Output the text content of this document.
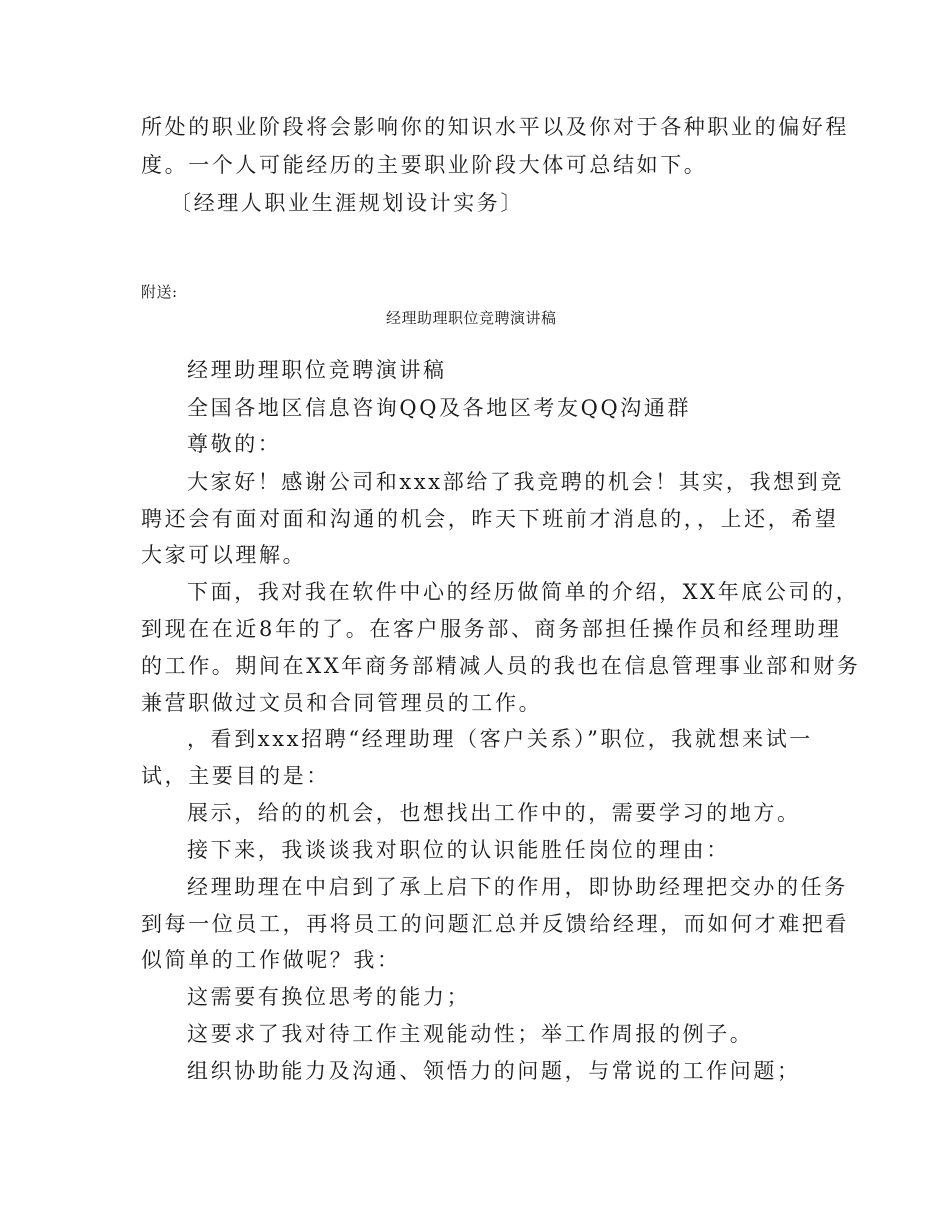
所处的职业阶段将会影响你的知识水平以及你对于各种职业的偏好程
度。一个人可能经历的主要职业阶段大体可总结如下。
〔经理人职业生涯规划设计实务〕
附送:
经理助理职位竞聘演讲稿
经理助理职位竞聘演讲稿
全国各地区信息咨询QQ及各地区考友QQ沟通群
尊敬的：
大家好！感谢公司和xxx部给了我竞聘的机会！其实，我想到竞
聘还会有面对面和沟通的机会，昨天下班前才消息的，，上还，希望
大家可以理解。
下面，我对我在软件中心的经历做简单的介绍，XX年底公司的，
到现在在近8年的了。在客户服务部、商务部担任操作员和经理助理
的工作。期间在XX年商务部精减人员的我也在信息管理事业部和财务
兼营职做过文员和合同管理员的工作。
，看到xxx招聘“经理助理（客户关系）”职位，我就想来试一
试，主要目的是：
展示，给的的机会，也想找出工作中的，需要学习的地方。
接下来，我谈谈我对职位的认识能胜任岗位的理由：
经理助理在中启到了承上启下的作用，即协助经理把交办的任务
到每一位员工，再将员工的问题汇总并反馈给经理，而如何才难把看
似简单的工作做呢？我：
这需要有换位思考的能力；
这要求了我对待工作主观能动性；举工作周报的例子。
组织协助能力及沟通、领悟力的问题，与常说的工作问题；
